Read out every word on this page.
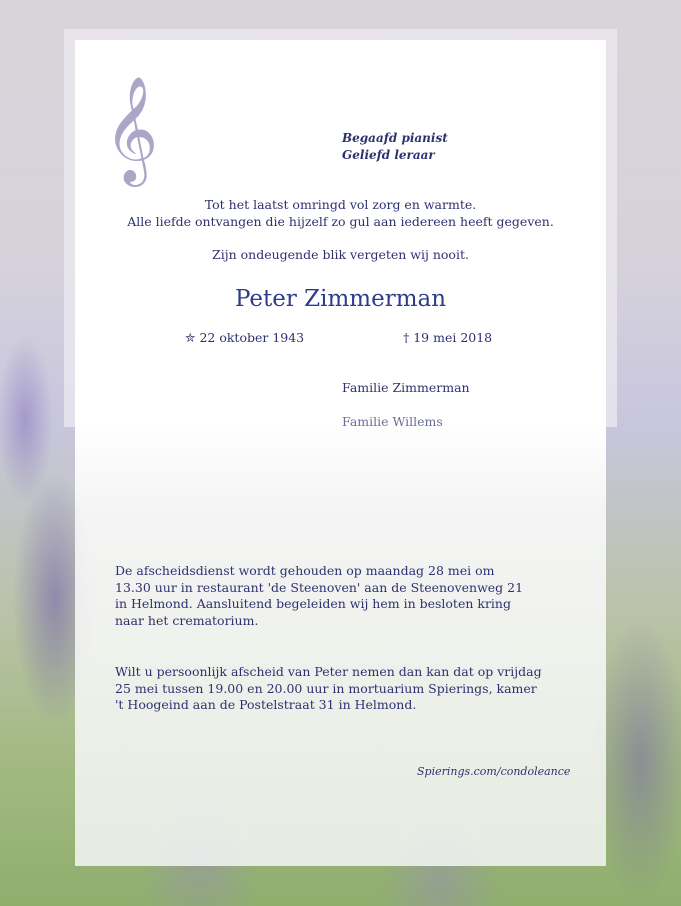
𝄞	Begaafd pianist
Geliefd leraar
Tot het laatst omringd vol zorg en warmte.
Alle liefde ontvangen die hijzelf zo gul aan iedereen heeft gegeven.
Zijn ondeugende blik vergeten wij nooit.
Peter Zimmerman
✮ 22 oktober 1943	† 19 mei 2018
Familie Zimmerman
Familie Willems
De afscheidsdienst wordt gehouden op maandag 28 mei om
13.30 uur in restaurant 'de Steenoven' aan de Steenovenweg 21
in Helmond. Aansluitend begeleiden wij hem in besloten kring
naar het crematorium.
Wilt u persoonlijk afscheid van Peter nemen dan kan dat op vrijdag
25 mei tussen 19.00 en 20.00 uur in mortuarium Spierings, kamer
't Hoogeind aan de Postelstraat 31 in Helmond.
Spierings.com/condoleance
